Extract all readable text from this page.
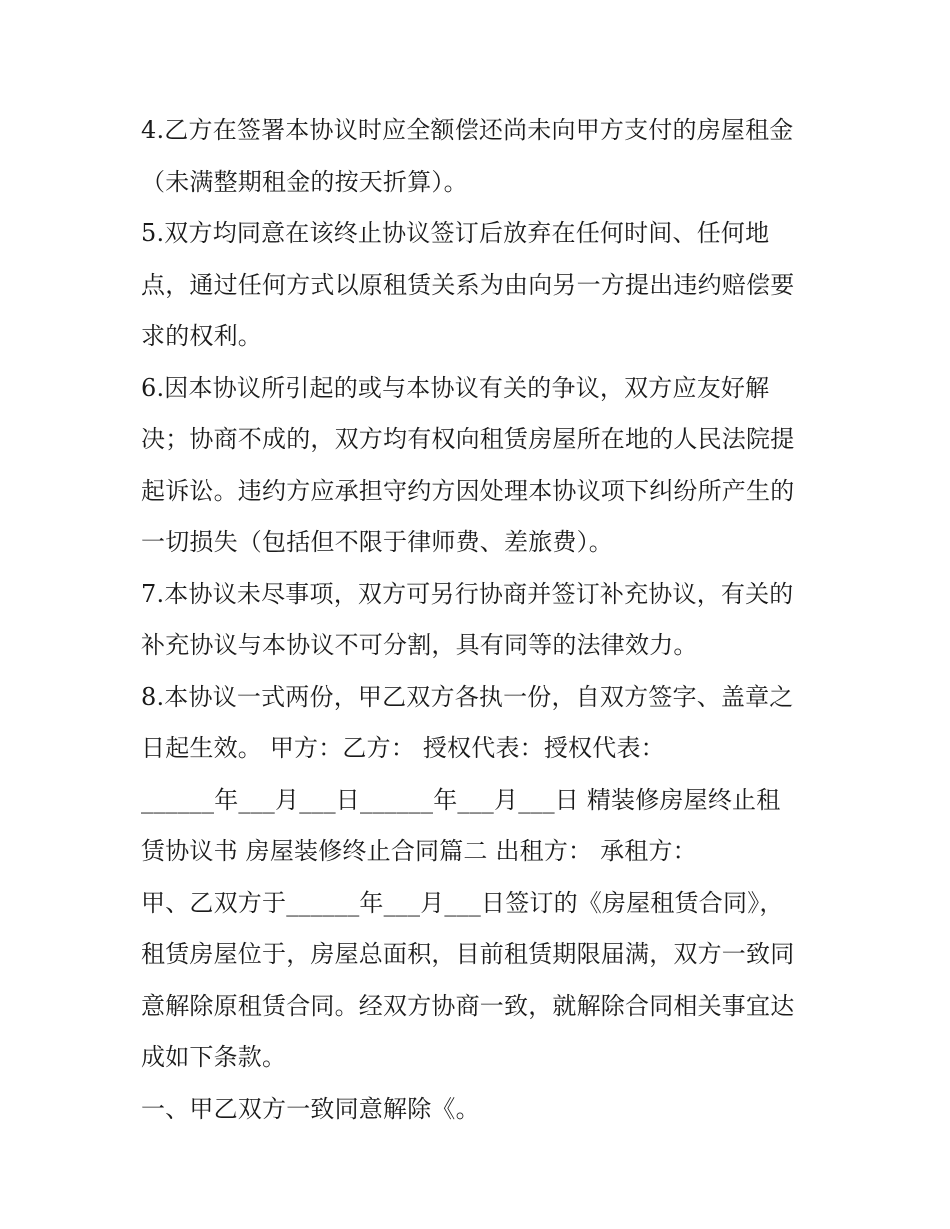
4.乙方在签署本协议时应全额偿还尚未向甲方支付的房屋租金
（未满整期租金的按天折算）。
5.双方均同意在该终止协议签订后放弃在任何时间、任何地
点，通过任何方式以原租赁关系为由向另一方提出违约赔偿要
求的权利。
6.因本协议所引起的或与本协议有关的争议，双方应友好解
决；协商不成的，双方均有权向租赁房屋所在地的人民法院提
起诉讼。违约方应承担守约方因处理本协议项下纠纷所产生的
一切损失（包括但不限于律师费、差旅费）。
7.本协议未尽事项，双方可另行协商并签订补充协议，有关的
补充协议与本协议不可分割，具有同等的法律效力。
8.本协议一式两份，甲乙双方各执一份，自双方签字、盖章之
日起生效。 甲方：乙方： 授权代表：授权代表：
______年___月___日______年___月___日 精装修房屋终止租
赁协议书 房屋装修终止合同篇二 出租方： 承租方：
甲、乙双方于______年___月___日签订的《房屋租赁合同》，
租赁房屋位于，房屋总面积，目前租赁期限届满，双方一致同
意解除原租赁合同。经双方协商一致，就解除合同相关事宜达
成如下条款。
一、甲乙双方一致同意解除《。
